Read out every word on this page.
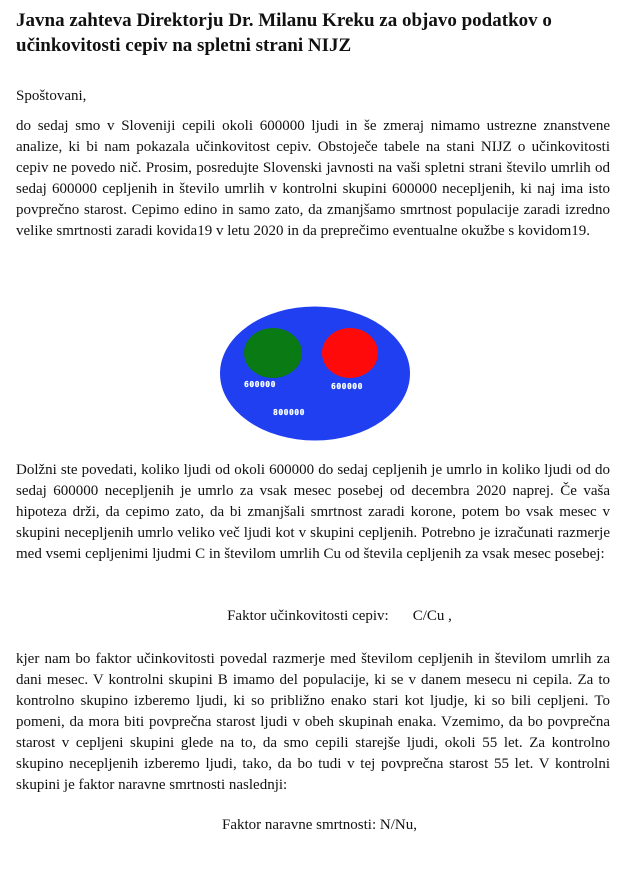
Javna zahteva Direktorju Dr. Milanu Kreku za objavo podatkov o učinkovitosti cepiv na spletni strani NIJZ
Spoštovani,

do sedaj smo v Sloveniji cepili okoli 600000 ljudi in še zmeraj nimamo ustrezne znanstvene analize, ki bi nam pokazala učinkovitost cepiv. Obstoječe tabele na stani NIJZ o učinkovitosti cepiv ne povedo nič. Prosim, posredujte Slovenski javnosti na vaši spletni strani število umrlih od sedaj 600000 cepljenih in število umrlih v kontrolni skupini 600000 necepljenih, ki naj ima isto povprečno starost. Cepimo edino in samo zato, da zmanjšamo smrtnost populacije zaradi izredno velike smrtnosti zaradi kovida19 v letu 2020 in da preprečimo eventualne okužbe s kovidom19.

600000	600000
800000

Dolžni ste povedati, koliko ljudi od okoli 600000 do sedaj cepljenih je umrlo in koliko ljudi od do sedaj 600000 necepljenih je umrlo za vsak mesec posebej od decembra 2020 naprej. Če vaša hipoteza drži, da cepimo zato, da bi zmanjšali smrtnost zaradi korone, potem bo vsak mesec v skupini necepljenih umrlo veliko več ljudi kot v skupini cepljenih. Potrebno je izračunati razmerje med vsemi cepljenimi ljudmi C in številom umrlih Cu od števila cepljenih za vsak mesec posebej:

Faktor učinkovitosti cepiv: C/Cu ,

kjer nam bo faktor učinkovitosti povedal razmerje med številom cepljenih in številom umrlih za dani mesec. V kontrolni skupini B imamo del populacije, ki se v danem mesecu ni cepila. Za to kontrolno skupino izberemo ljudi, ki so približno enako stari kot ljudje, ki so bili cepljeni. To pomeni, da mora biti povprečna starost ljudi v obeh skupinah enaka. Vzemimo, da bo povprečna starost v cepljeni skupini glede na to, da smo cepili starejše ljudi, okoli 55 let. Za kontrolno skupino necepljenih izberemo ljudi, tako, da bo tudi v tej povprečna starost 55 let. V kontrolni skupini je faktor naravne smrtnosti naslednji:

Faktor naravne smrtnosti: N/Nu,
